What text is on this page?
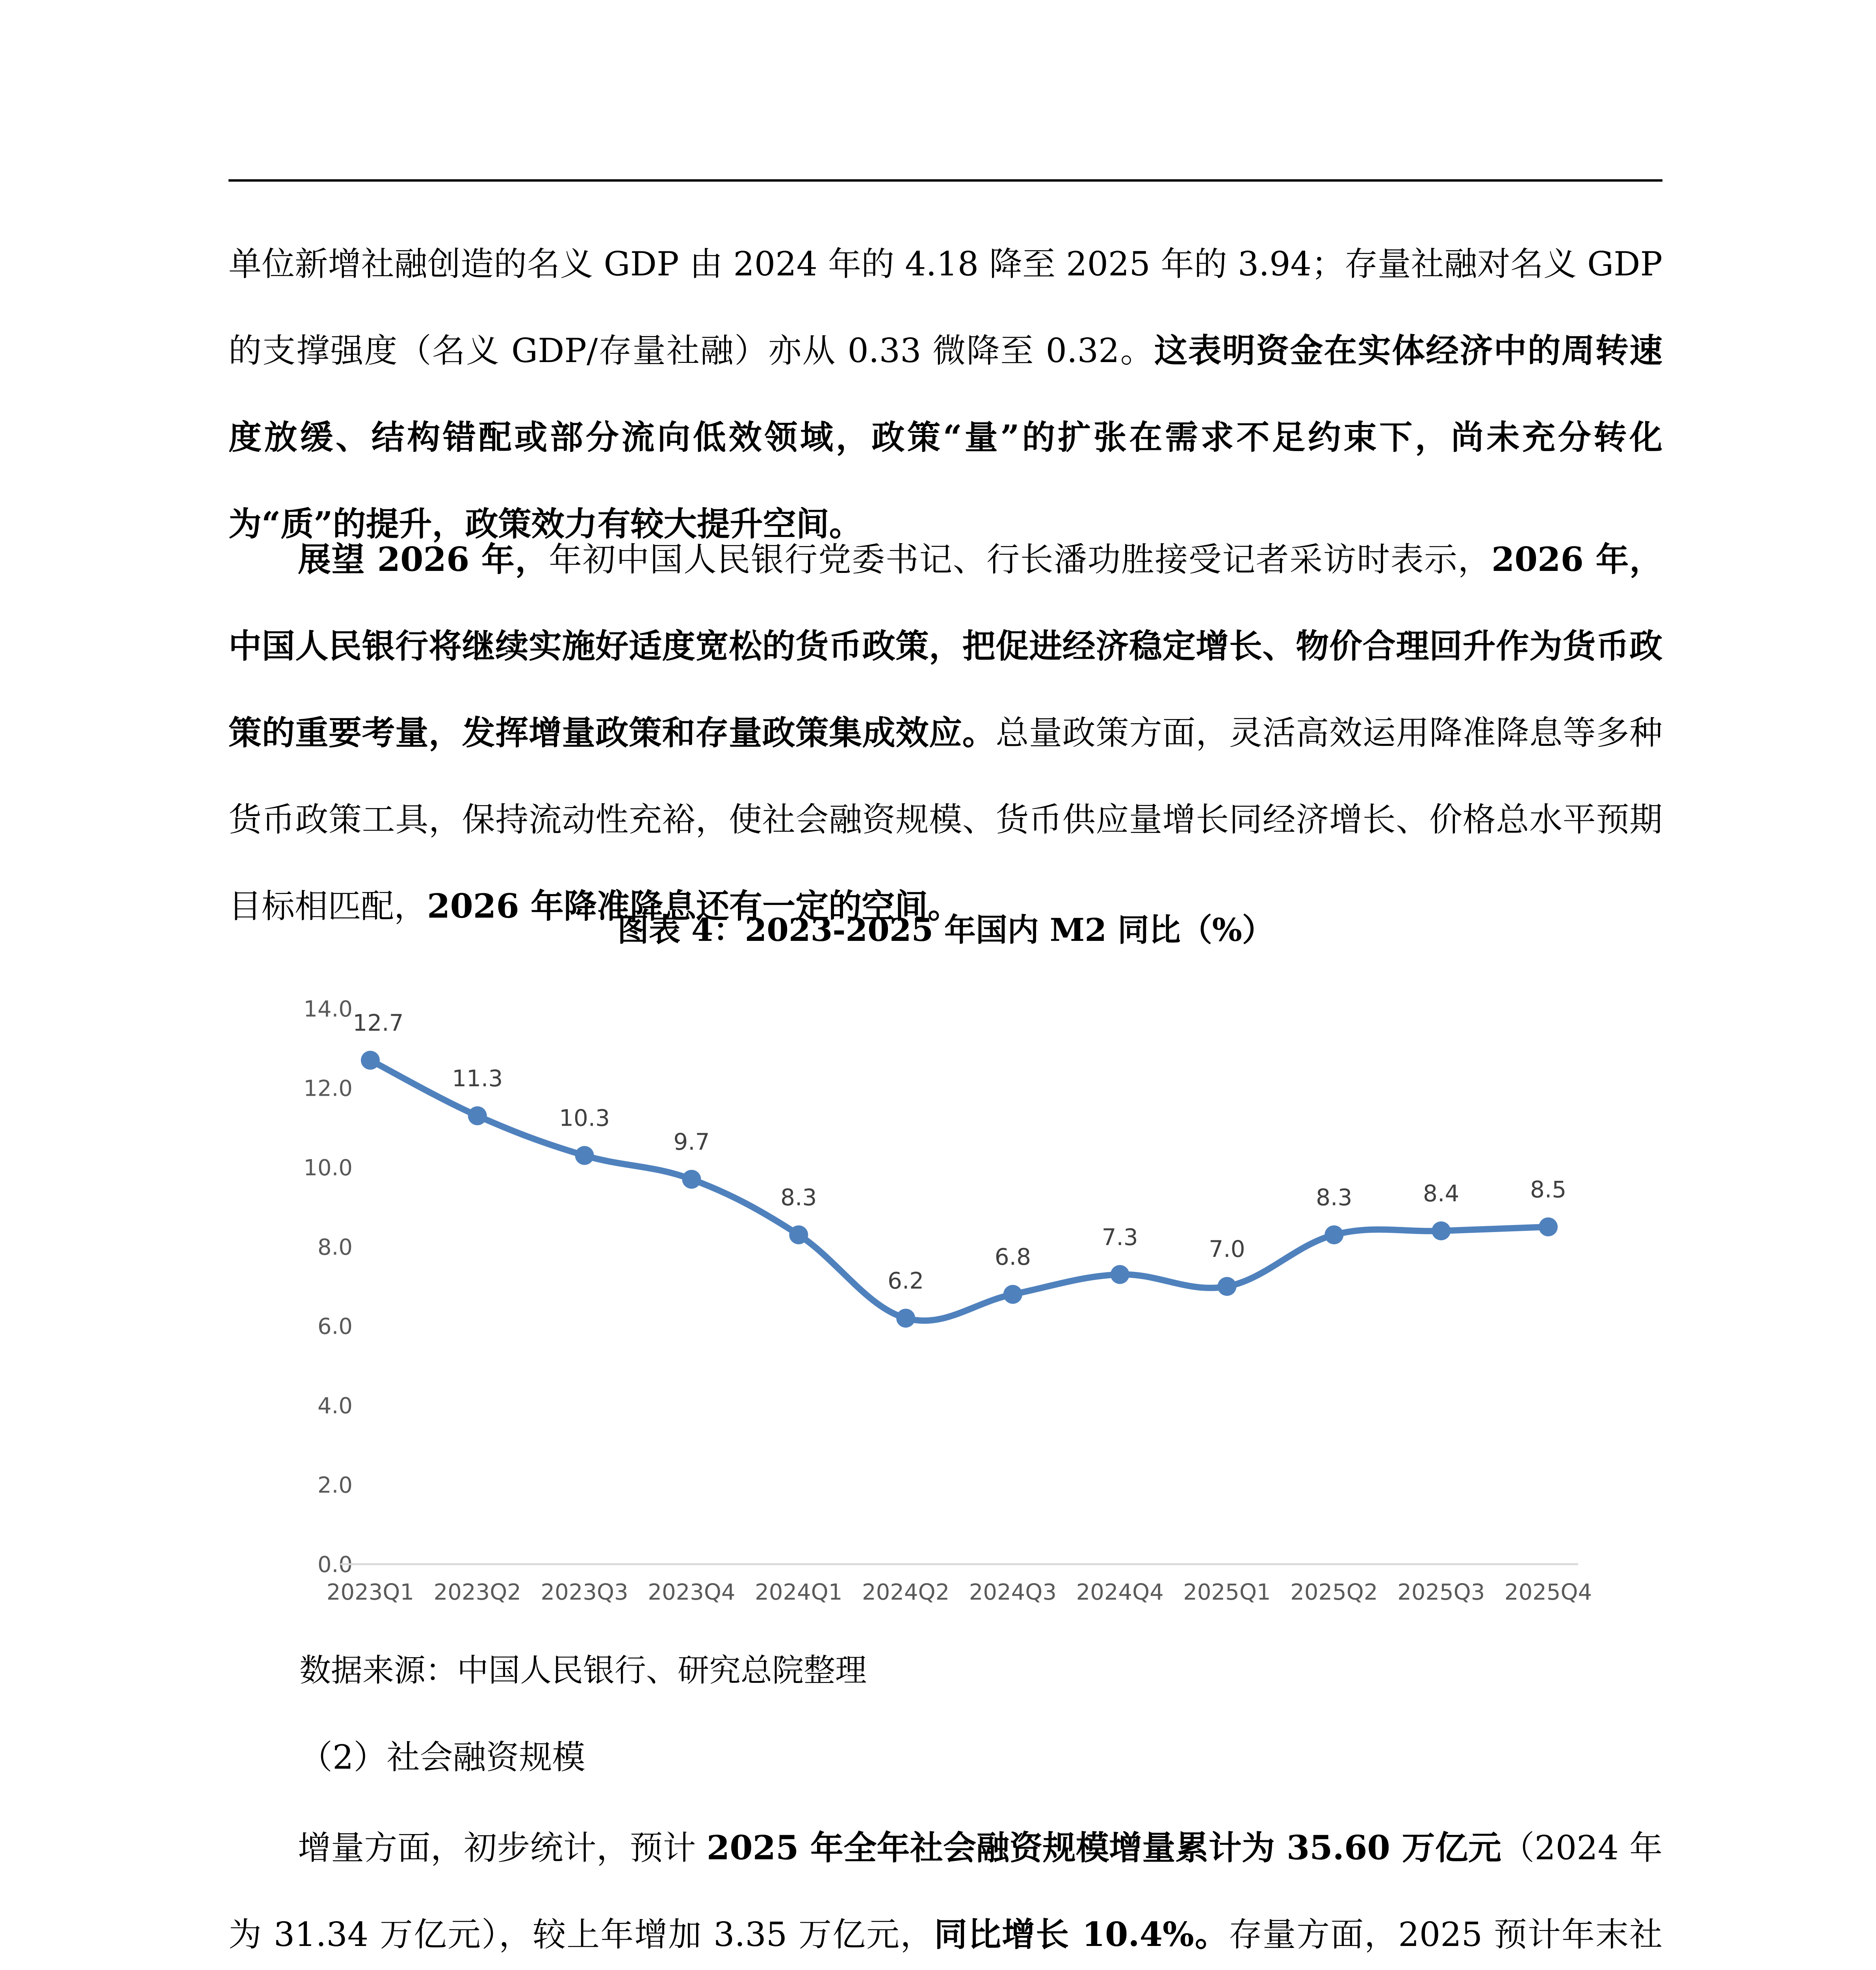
单位新增社融创造的名义 GDP 由 2024 年的 4.18 降至 2025 年的 3.94；存量社融对名义 GDP 的支撑强度（名义 GDP/存量社融）亦从 0.33 微降至 0.32。这表明资金在实体经济中的周转速度放缓、结构错配或部分流向低效领域，政策“量”的扩张在需求不足约束下，尚未充分转化为“质”的提升，政策效力有较大提升空间。

展望 2026 年，年初中国人民银行党委书记、行长潘功胜接受记者采访时表示，2026 年，中国人民银行将继续实施好适度宽松的货币政策，把促进经济稳定增长、物价合理回升作为货币政策的重要考量，发挥增量政策和存量政策集成效应。总量政策方面，灵活高效运用降准降息等多种货币政策工具，保持流动性充裕，使社会融资规模、货币供应量增长同经济增长、价格总水平预期目标相匹配，2026 年降准降息还有一定的空间。

图表 4：2023-2025 年国内 M2 同比（%）

0.0
2.0
4.0
6.0
8.0
10.0
12.0
14.0
2023Q1 2023Q2 2023Q3 2023Q4 2024Q1 2024Q2 2024Q3 2024Q4 2025Q1 2025Q2 2025Q3 2025Q4
12.7
11.3
10.3
9.7
8.3
6.2
6.8
7.3	7.0
8.3	8.4	8.5

数据来源：中国人民银行、研究总院整理

（2）社会融资规模

增量方面，初步统计，预计 2025 年全年社会融资规模增量累计为 35.60 万亿元（2024 年为 31.34 万亿元），较上年增加 3.35 万亿元，同比增长 10.4%。存量方面，2025 预计年末社
